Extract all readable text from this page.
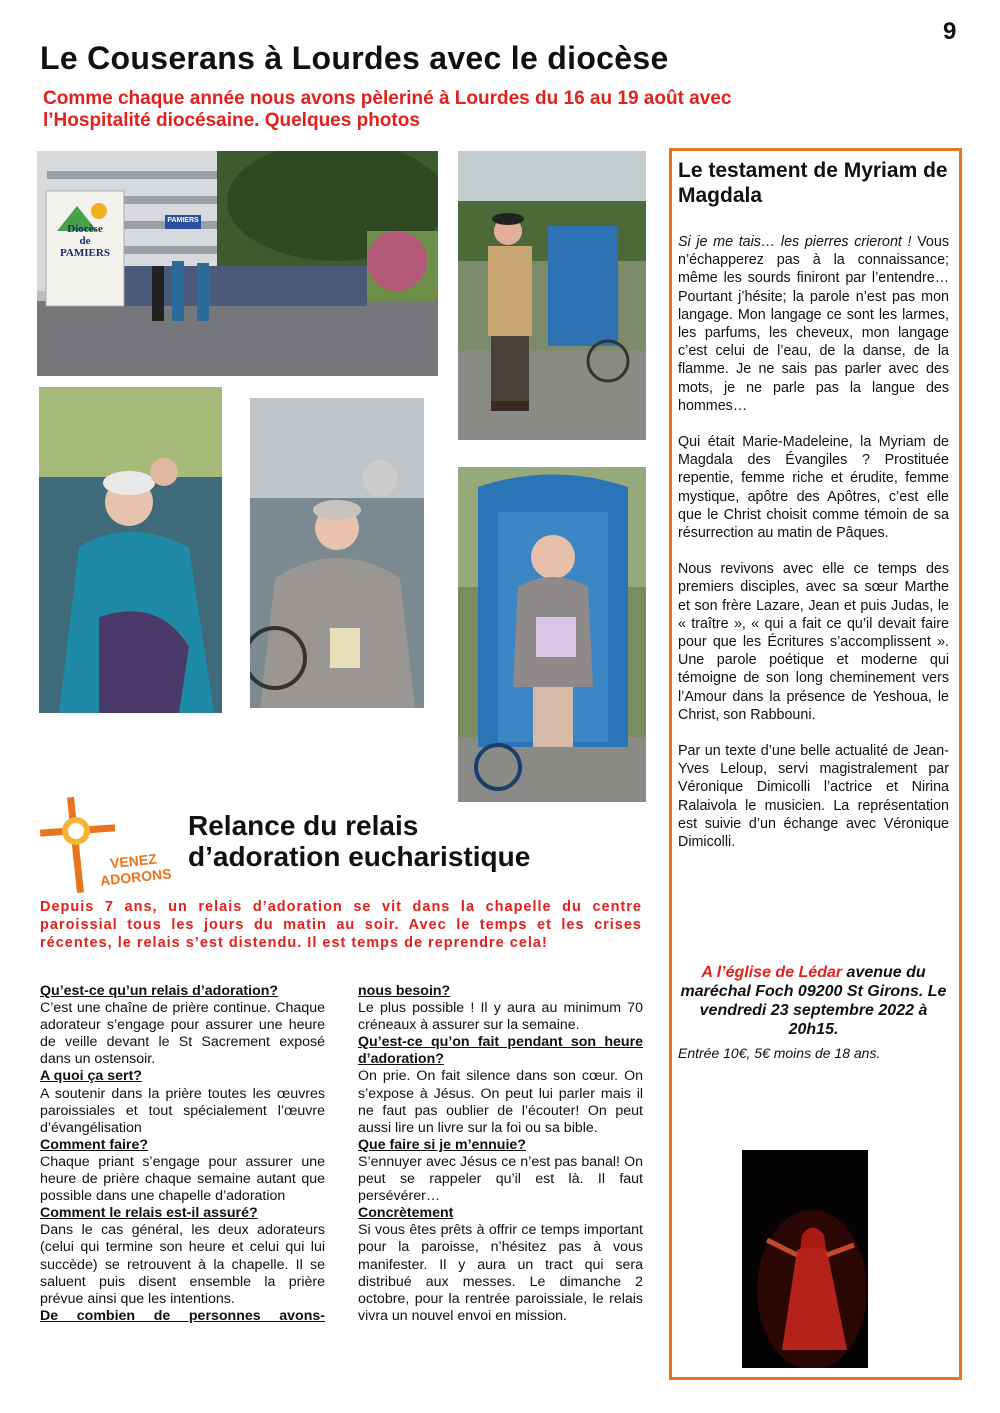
9
Le Couserans à Lourdes avec le diocèse
Comme chaque année nous avons pèleriné à Lourdes du 16 au 19 août avec l’Hospitalité diocésaine. Quelques photos
Diocèse
de
PAMIERS
PAMIERS
Le testament de Myriam de Magdala

Si je me tais… les pierres crieront ! Vous n’échapperez pas à la connaissance; même les sourds finiront par l’entendre… Pourtant j’hésite; la parole n’est pas mon langage. Mon langage ce sont les larmes, les parfums, les cheveux, mon langage c’est celui de l’eau, de la danse, de la flamme. Je ne sais pas parler avec des mots, je ne parle pas la langue des hommes…

Qui était Marie-Madeleine, la Myriam de Magdala des Évangiles ? Prostituée repentie, femme riche et érudite, femme mystique, apôtre des Apôtres, c’est elle que le Christ choisit comme témoin de sa résurrection au matin de Pâques.

Nous revivons avec elle ce temps des premiers disciples, avec sa sœur Marthe et son frère Lazare, Jean et puis Judas, le « traître », « qui a fait ce qu’il devait faire pour que les Écritures s’accomplissent ». Une parole poétique et moderne qui témoigne de son long cheminement vers l’Amour dans la présence de Yeshoua, le Christ, son Rabbouni.

Par un texte d’une belle actualité de Jean-Yves Leloup, servi magistralement par Véronique Dimicolli l’actrice et Nirina Ralaivola le musicien. La représentation est suivie d’un échange avec Véronique Dimicolli.

A l’église de Lédar avenue du maréchal Foch 09200 St Girons. Le vendredi 23 septembre 2022 à 20h15.
Entrée 10€, 5€ moins de 18 ans.
VENEZ
ADORONS
Relance du relais
d’adoration eucharistique
Depuis 7 ans, un relais d’adoration se vit dans la chapelle du centre paroissial tous les jours du matin au soir. Avec le temps et les crises récentes, le relais s’est distendu. Il est temps de reprendre cela!
Qu’est-ce qu’un relais d’adoration?
C’est une chaîne de prière continue. Chaque adorateur s’engage pour assurer une heure de veille devant le St Sacrement exposé dans un ostensoir.
A quoi ça sert?
A soutenir dans la prière toutes les œuvres paroissiales et tout spécialement l’œuvre d’évangélisation
Comment faire?
Chaque priant s’engage pour assurer une heure de prière chaque semaine autant que possible dans une chapelle d’adoration
Comment le relais est-il assuré?
Dans le cas général, les deux adorateurs (celui qui termine son heure et celui qui lui succède) se retrouvent à la chapelle. Il se saluent puis disent ensemble la prière prévue ainsi que les intentions.
De combien de personnes avons-
nous besoin?
Le plus possible ! Il y aura au minimum 70 créneaux à assurer sur la semaine.
Qu’est-ce qu’on fait pendant son heure d’adoration?
On prie. On fait silence dans son cœur. On s’expose à Jésus. On peut lui parler mais il ne faut pas oublier de l’écouter! On peut aussi lire un livre sur la foi ou sa bible.
Que faire si je m’ennuie?
S’ennuyer avec Jésus ce n’est pas banal! On peut se rappeler qu’il est là. Il faut persévérer…
Concrètement
Si vous êtes prêts à offrir ce temps important pour la paroisse, n’hésitez pas à vous manifester. Il y aura un tract qui sera distribué aux messes. Le dimanche 2 octobre, pour la rentrée paroissiale, le relais vivra un nouvel envoi en mission.
